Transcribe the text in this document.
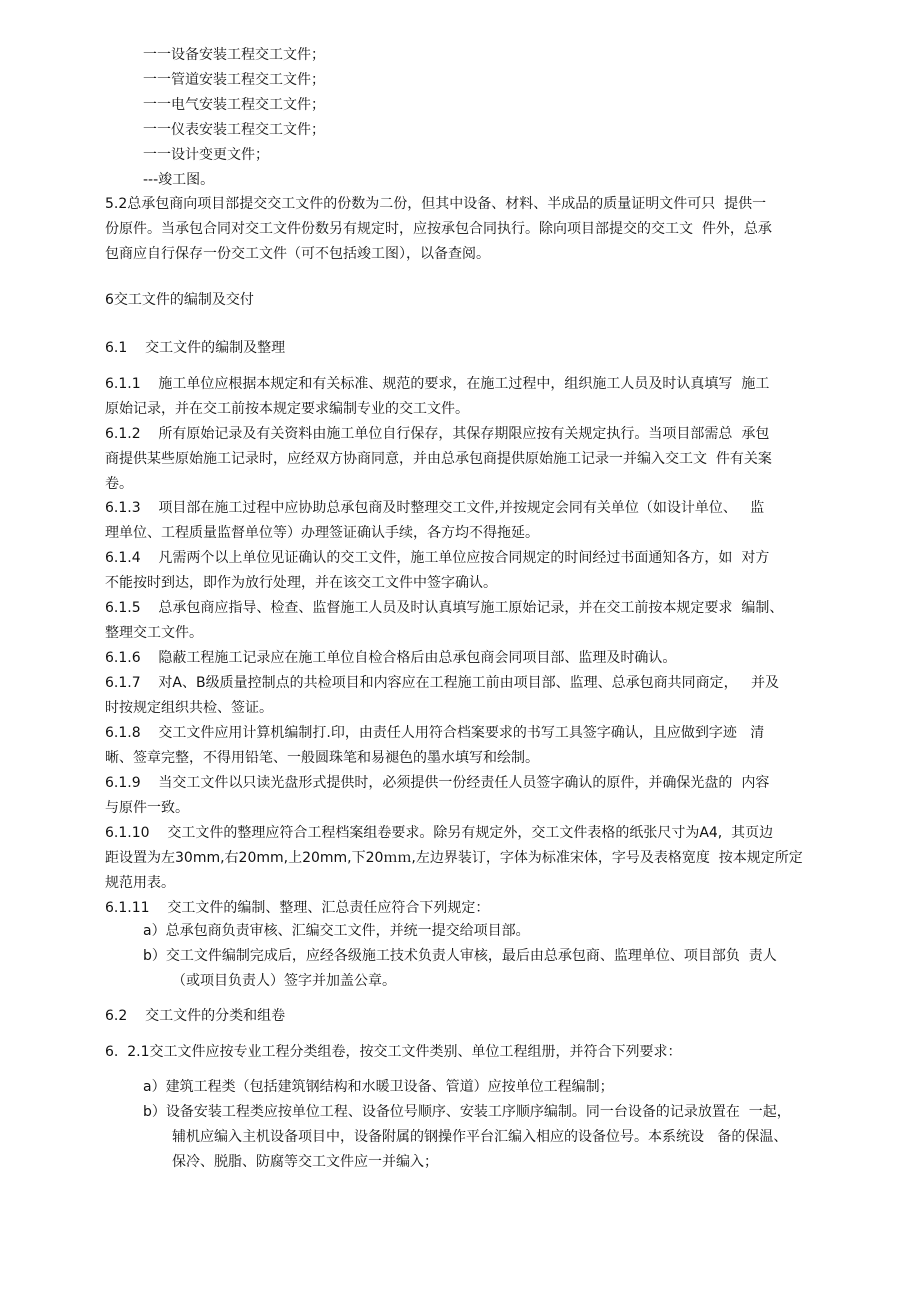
一一设备安装工程交工文件；
一一管道安装工程交工文件；
一一电气安装工程交工文件；
一一仪表安装工程交工文件；
一一设计变更文件；
---竣工图。
5.2总承包商向项目部提交交工文件的份数为二份，但其中设备、材料、半成品的质量证明文件可只  提供一
份原件。当承包合同对交工文件份数另有规定时，应按承包合同执行。除向项目部提交的交工文  件外，总承
包商应自行保存一份交工文件（可不包括竣工图），以备查阅。
6交工文件的编制及交付
6.1    交工文件的编制及整理
6.1.1    施工单位应根据本规定和有关标准、规范的要求，在施工过程中，组织施工人员及时认真填写  施工
原始记录，并在交工前按本规定要求编制专业的交工文件。
6.1.2    所有原始记录及有关资料由施工单位自行保存，其保存期限应按有关规定执行。当项目部需总  承包
商提供某些原始施工记录时，应经双方协商同意，并由总承包商提供原始施工记录一并编入交工文  件有关案
卷。
6.1.3    项目部在施工过程中应协助总承包商及时整理交工文件,并按规定会同有关单位（如设计单位、   监
理单位、工程质量监督单位等）办理签证确认手续，各方均不得拖延。
6.1.4    凡需两个以上单位见证确认的交工文件，施工单位应按合同规定的时间经过书面通知各方，如  对方
不能按时到达，即作为放行处理，并在该交工文件中签字确认。
6.1.5    总承包商应指导、检查、监督施工人员及时认真填写施工原始记录，并在交工前按本规定要求  编制、
整理交工文件。
6.1.6    隐蔽工程施工记录应在施工单位自检合格后由总承包商会同项目部、监理及时确认。
6.1.7    对A、B级质量控制点的共检项目和内容应在工程施工前由项目部、监理、总承包商共同商定，   并及
时按规定组织共检、签证。
6.1.8    交工文件应用计算机编制打.印，由责任人用符合档案要求的书写工具签字确认，且应做到字迹   清
晰、签章完整，不得用铅笔、一般圆珠笔和易褪色的墨水填写和绘制。
6.1.9    当交工文件以只读光盘形式提供时，必须提供一份经责任人员签字确认的原件，并确保光盘的  内容
与原件一致。
6.1.10    交工文件的整理应符合工程档案组卷要求。除另有规定外，交工文件表格的纸张尺寸为A4,  其页边
距设置为左30mm,右20mm,上20mm,下20ｍｍ,左边界装订，字体为标准宋体，字号及表格宽度  按本规定所定
规范用表。
6.1.11    交工文件的编制、整理、汇总责任应符合下列规定：
a）总承包商负责审核、汇编交工文件，并统一提交给项目部。
b）交工文件编制完成后，应经各级施工技术负责人审核，最后由总承包商、监理单位、项目部负  责人
（或项目负责人）签字并加盖公章。
6.2    交工文件的分类和组卷
6.  2.1交工文件应按专业工程分类组卷，按交工文件类别、单位工程组册，并符合下列要求：
a）建筑工程类（包括建筑钢结构和水暖卫设备、管道）应按单位工程编制；
b）设备安装工程类应按单位工程、设备位号顺序、安装工序顺序编制。同一台设备的记录放置在  一起，
辅机应编入主机设备项目中，设备附属的钢操作平台汇编入相应的设备位号。本系统设   备的保温、
保冷、脱脂、防腐等交工文件应一并编入；
